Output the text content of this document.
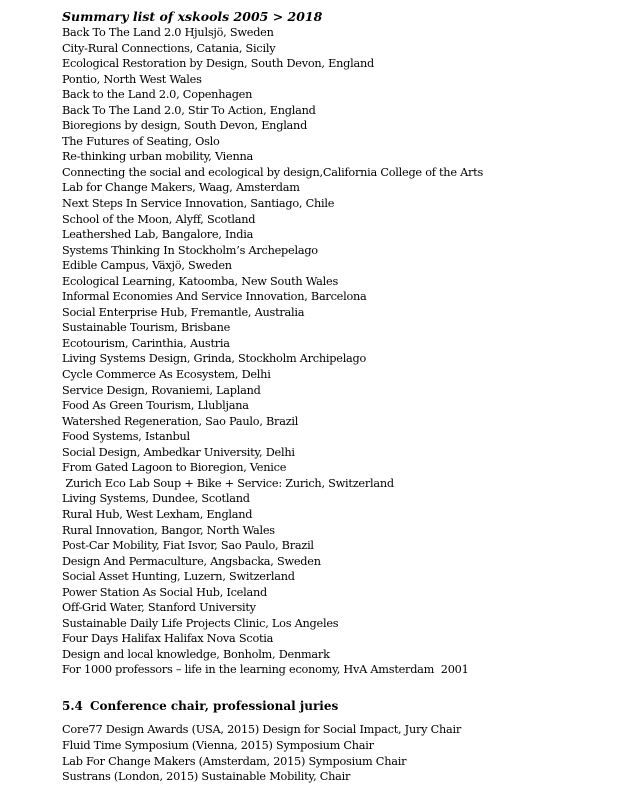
Summary list of xskools 2005 > 2018
Back To The Land 2.0 Hjulsjö, Sweden
City-Rural Connections, Catania, Sicily
Ecological Restoration by Design, South Devon, England
Pontio, North West Wales
Back to the Land 2.0, Copenhagen
Back To The Land 2.0, Stir To Action, England
Bioregions by design, South Devon, England
The Futures of Seating, Oslo
Re-thinking urban mobility, Vienna
Connecting the social and ecological by design,California College of the Arts
Lab for Change Makers, Waag, Amsterdam
Next Steps In Service Innovation, Santiago, Chile
School of the Moon, Alyff, Scotland
Leathershed Lab, Bangalore, India
Systems Thinking In Stockholm’s Archepelago
Edible Campus, Växjö, Sweden
Ecological Learning, Katoomba, New South Wales
Informal Economies And Service Innovation, Barcelona
Social Enterprise Hub, Fremantle, Australia
Sustainable Tourism, Brisbane
Ecotourism, Carinthia, Austria
Living Systems Design, Grinda, Stockholm Archipelago
Cycle Commerce As Ecosystem, Delhi
Service Design, Rovaniemi, Lapland
Food As Green Tourism, Llubljana
Watershed Regeneration, Sao Paulo, Brazil
Food Systems, Istanbul
Social Design, Ambedkar University, Delhi
From Gated Lagoon to Bioregion, Venice
Zurich Eco Lab Soup + Bike + Service: Zurich, Switzerland
Living Systems, Dundee, Scotland
Rural Hub, West Lexham, England
Rural Innovation, Bangor, North Wales
Post-Car Mobility, Fiat Isvor, Sao Paulo, Brazil
Design And Permaculture, Angsbacka, Sweden
Social Asset Hunting, Luzern, Switzerland
Power Station As Social Hub, Iceland
Off-Grid Water, Stanford University
Sustainable Daily Life Projects Clinic, Los Angeles
Four Days Halifax Halifax Nova Scotia
Design and local knowledge, Bonholm, Denmark
For 1000 professors – life in the learning economy, HvA Amsterdam  2001
5.4 Conference chair, professional juries
Core77 Design Awards (USA, 2015) Design for Social Impact, Jury Chair
Fluid Time Symposium (Vienna, 2015) Symposium Chair
Lab For Change Makers (Amsterdam, 2015) Symposium Chair
Sustrans (London, 2015) Sustainable Mobility, Chair
